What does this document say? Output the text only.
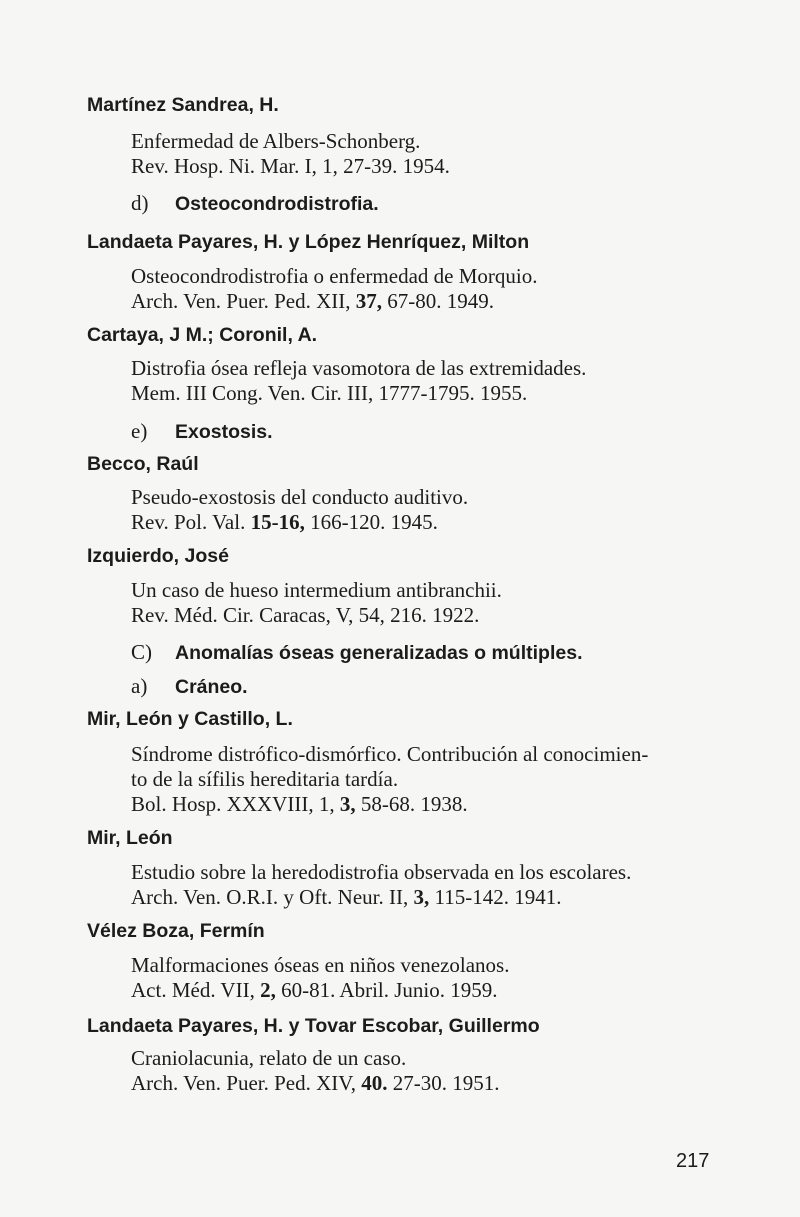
Martínez Sandrea, H.
Enfermedad de Albers-Schonberg.
Rev. Hosp. Ni. Mar. I, 1, 27-39. 1954.
d) Osteocondrodistrofia.
Landaeta Payares, H. y López Henríquez, Milton
Osteocondrodistrofia o enfermedad de Morquio.
Arch. Ven. Puer. Ped. XII, 37, 67-80. 1949.
Cartaya, J M.; Coronil, A.
Distrofia ósea refleja vasomotora de las extremidades.
Mem. III Cong. Ven. Cir. III, 1777-1795. 1955.
e) Exostosis.
Becco, Raúl
Pseudo-exostosis del conducto auditivo.
Rev. Pol. Val. 15-16, 166-120. 1945.
Izquierdo, José
Un caso de hueso intermedium antibranchii.
Rev. Méd. Cir. Caracas, V, 54, 216. 1922.
C) Anomalías óseas generalizadas o múltiples.
a) Cráneo.
Mir, León y Castillo, L.
Síndrome distrófico-dismórfico. Contribución al conocimien-
to de la sífilis hereditaria tardía.
Bol. Hosp. XXXVIII, 1, 3, 58-68. 1938.
Mir, León
Estudio sobre la heredodistrofia observada en los escolares.
Arch. Ven. O.R.I. y Oft. Neur. II, 3, 115-142. 1941.
Vélez Boza, Fermín
Malformaciones óseas en niños venezolanos.
Act. Méd. VII, 2, 60-81. Abril. Junio. 1959.
Landaeta Payares, H. y Tovar Escobar, Guillermo
Craniolacunia, relato de un caso.
Arch. Ven. Puer. Ped. XIV, 40. 27-30. 1951.
217
